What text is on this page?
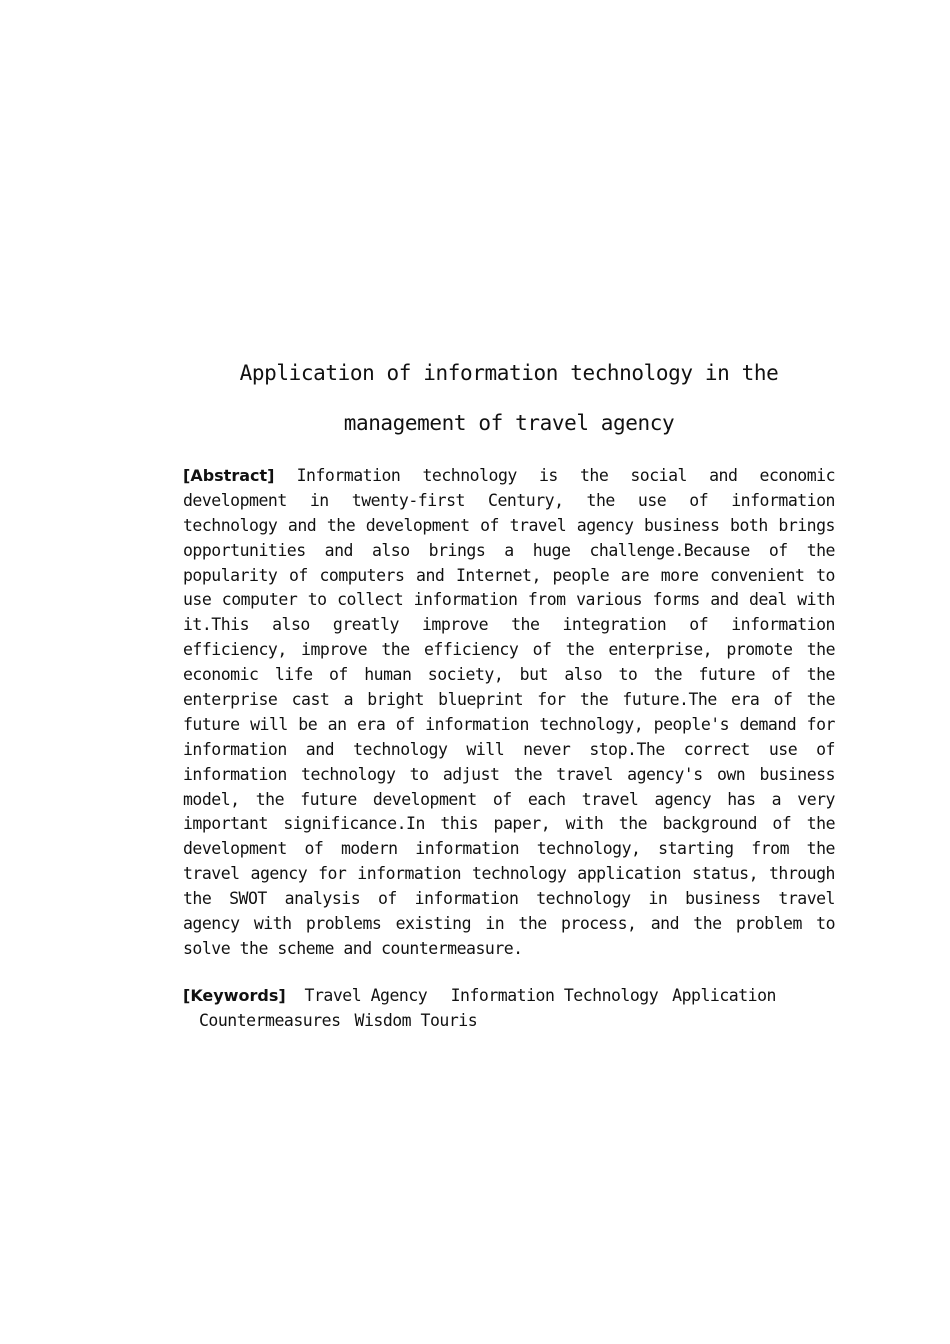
Application of information technology in the
management of travel agency
[Abstract] Information technology is the social and economic
development in twenty-first Century, the use of information
technology and the development of travel agency business both brings
opportunities and also brings a huge challenge.Because of the
popularity of computers and Internet, people are more convenient to
use computer to collect information from various forms and deal with
it.This also greatly improve the integration of information
efficiency, improve the efficiency of the enterprise, promote the
economic life of human society, but also to the future of the
enterprise cast a bright blueprint for the future.The era of the
future will be an era of information technology, people's demand for
information and technology will never stop.The correct use of
information technology to adjust the travel agency's own business
model, the future development of each travel agency has a very
important significance.In this paper, with the background of the
development of modern information technology, starting from the
travel agency for information technology application status, through
the SWOT analysis of information technology in business travel
agency with problems existing in the process, and the problem to
solve the scheme and countermeasure.
[Keywords] Travel Agency Information Technology Application
Countermeasures Wisdom Touris
